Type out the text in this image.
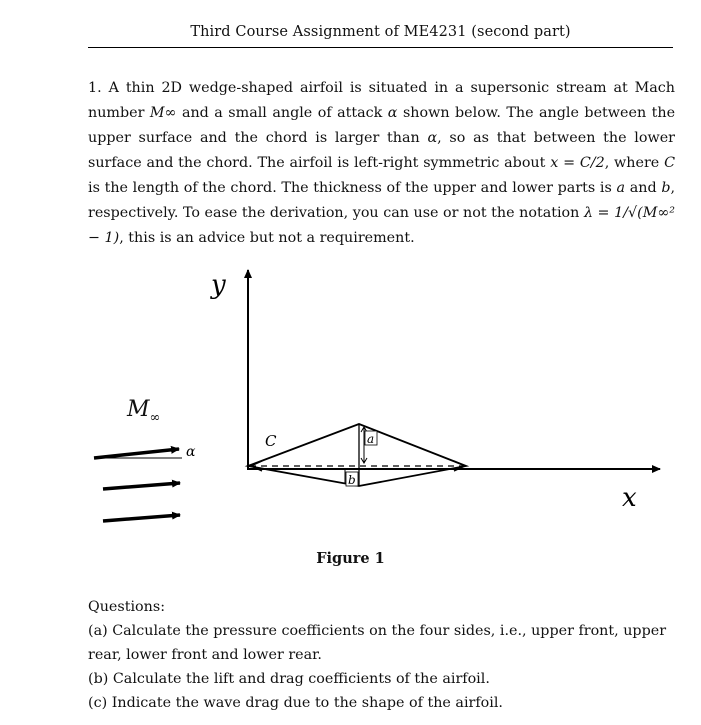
Third Course Assignment of ME4231 (second part)

1. A thin 2D wedge-shaped airfoil is situated in a supersonic stream at Mach number M∞ and a small angle of attack α shown below. The angle between the upper surface and the chord is larger than α, so as that between the lower surface and the chord. The airfoil is left-right symmetric about x = C/2, where C is the length of the chord. The thickness of the upper and lower parts is a and b, respectively. To ease the derivation, you can use or not the notation λ = 1/√(M∞² − 1), this is an advice but not a requirement.

y
x
a
b
C
α
$M_\infty$
Figure 1
Questions:
(a) Calculate the pressure coefficients on the four sides, i.e., upper front, upper rear, lower front and lower rear.
(b) Calculate the lift and drag coefficients of the airfoil.
(c) Indicate the wave drag due to the shape of the airfoil.
